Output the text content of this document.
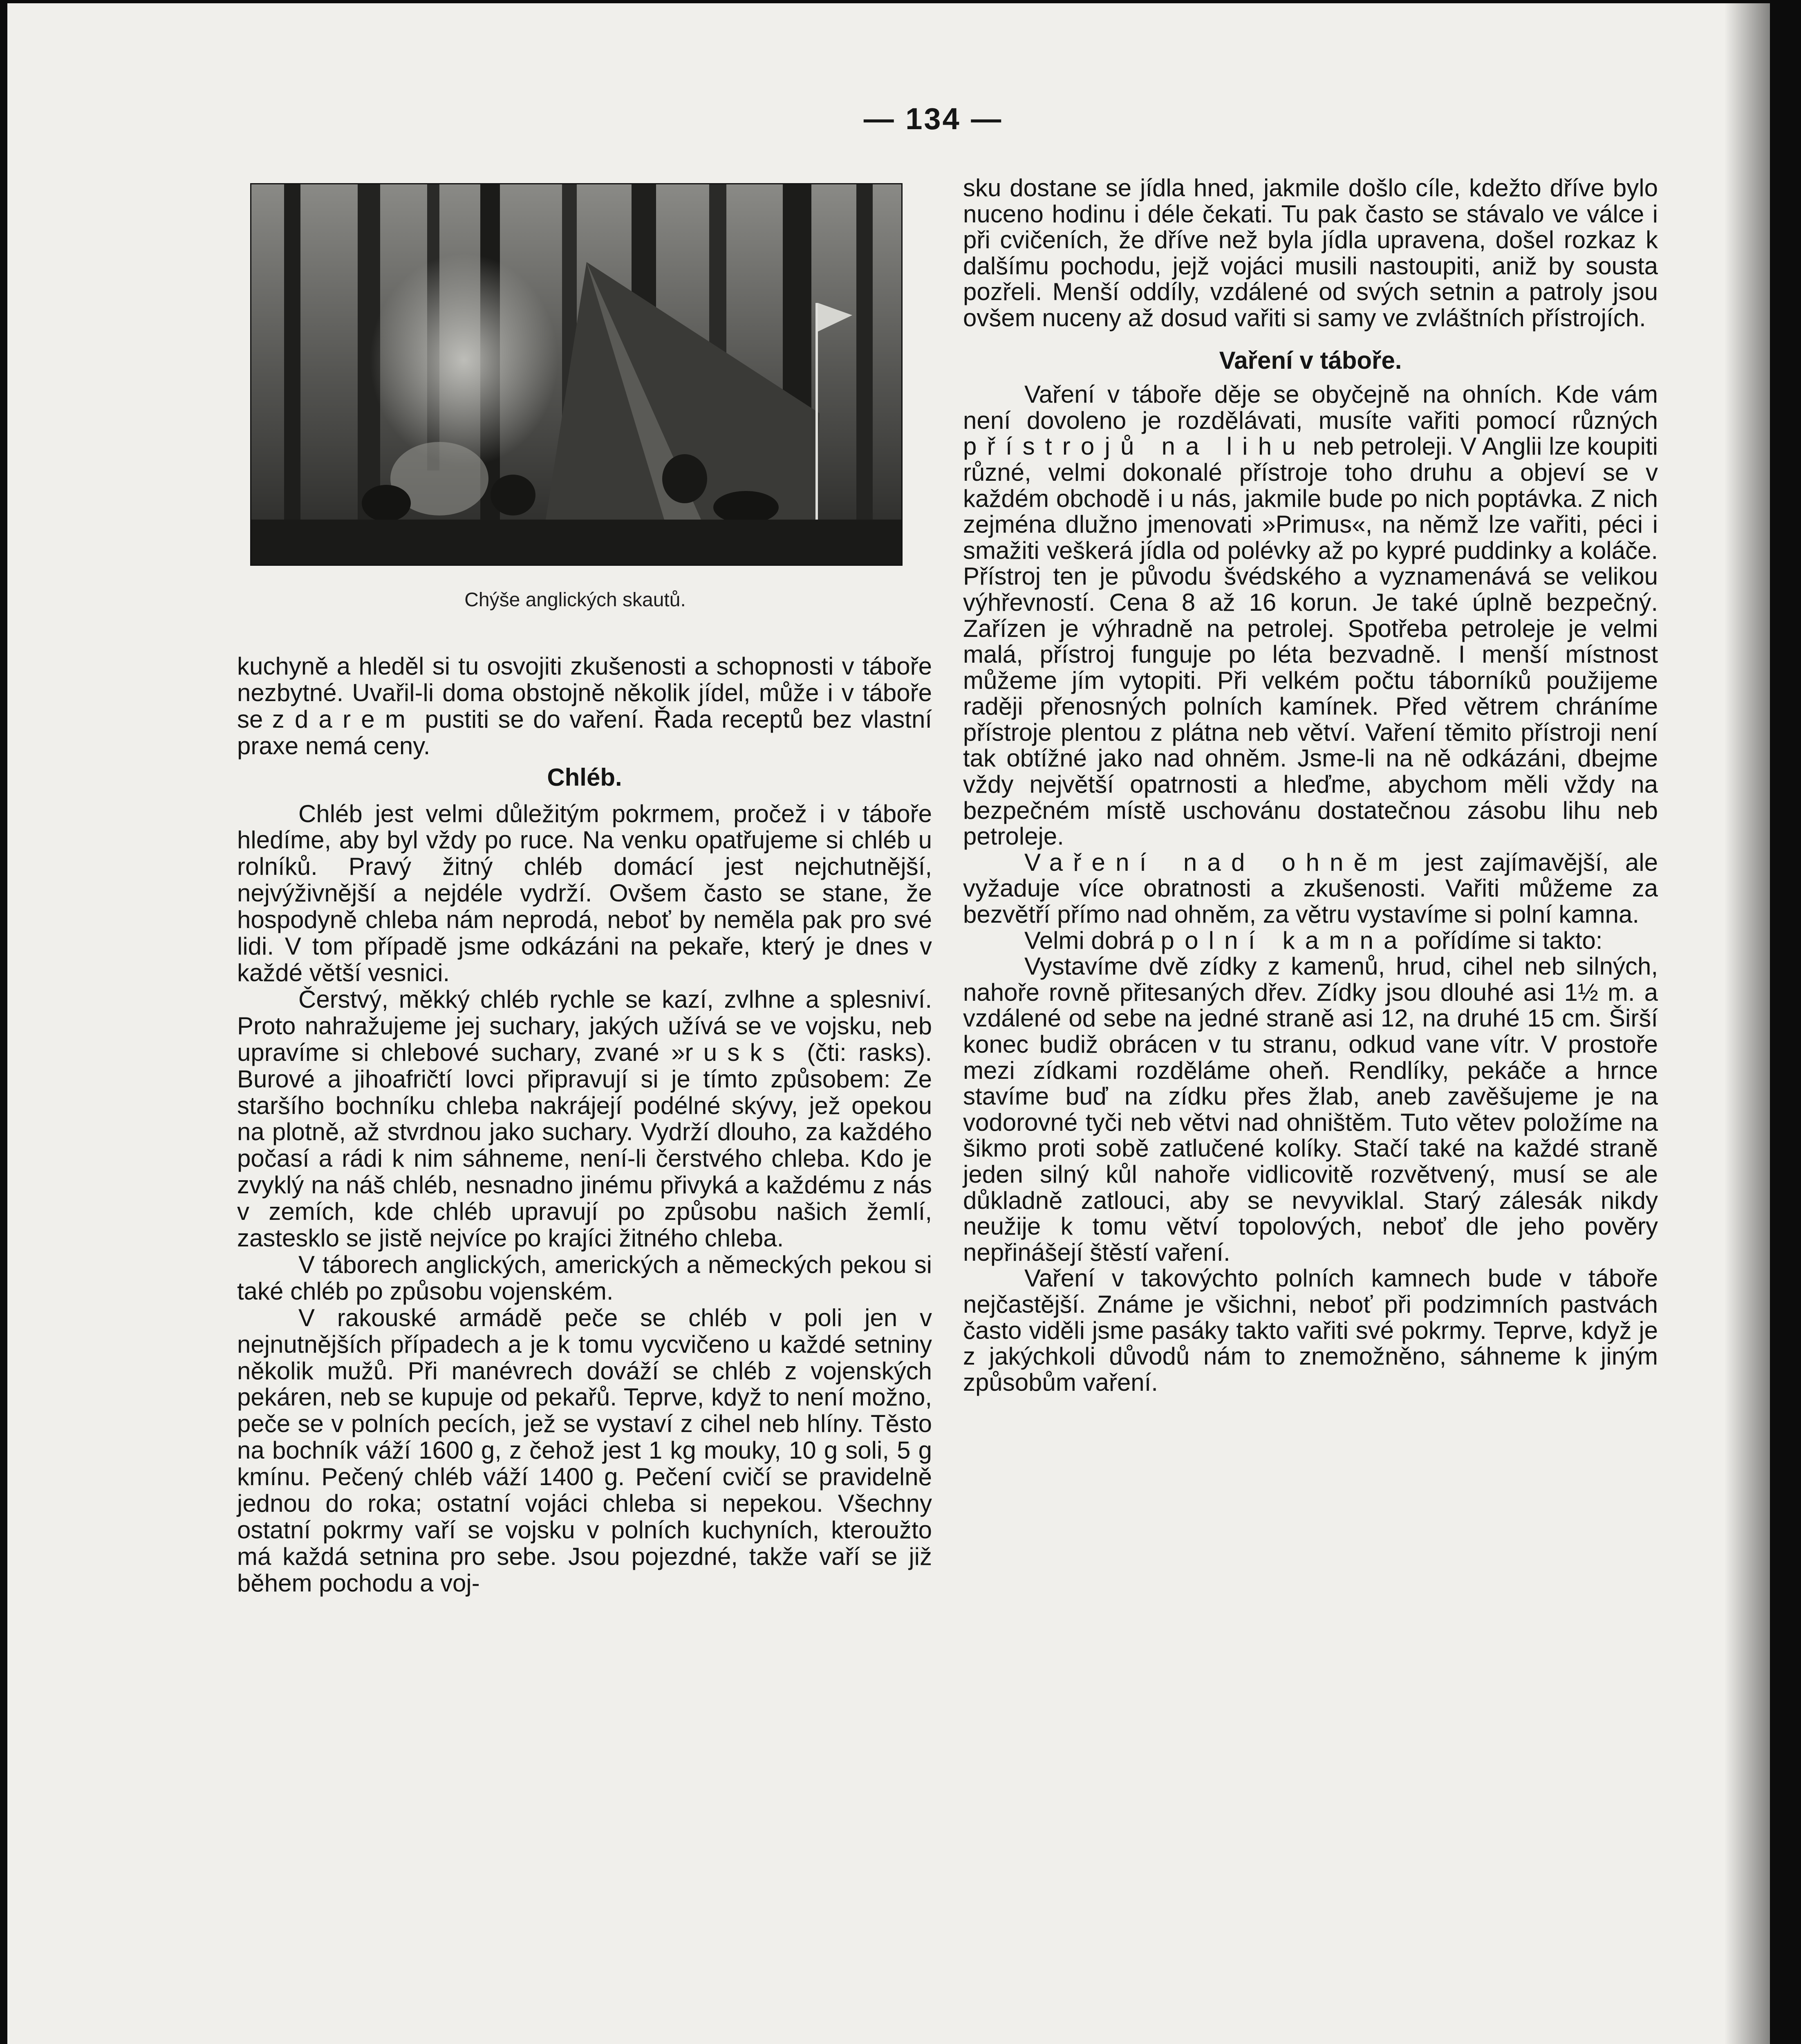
— 134 —
Chýše anglických skautů.

kuchyně a hleděl si tu osvojiti zkušenosti a schopnosti v táboře nezbytné. Uvařil-li doma obstojně několik jídel, může i v táboře se zdarem pustiti se do vaření. Řada receptů bez vlastní praxe nemá ceny.

Chléb.

Chléb jest velmi důležitým pokrmem, pročež i v táboře hledíme, aby byl vždy po ruce. Na venku opatřujeme si chléb u rolníků. Pravý žitný chléb domácí jest nejchutnější, nejvýživnější a nejdéle vydrží. Ovšem často se stane, že hospodyně chleba nám neprodá, neboť by neměla pak pro své lidi. V tom případě jsme odkázáni na pekaře, který je dnes v každé větší vesnici.

Čerstvý, měkký chléb rychle se kazí, zvlhne a splesniví. Proto nahražujeme jej suchary, jakých užívá se ve vojsku, neb upravíme si chlebové suchary, zvané »rusks (čti: rasks). Burové a jihoafričtí lovci připravují si je tímto způsobem: Ze staršího bochníku chleba nakrájejí podélné skývy, jež opekou na plotně, až stvrdnou jako suchary. Vydrží dlouho, za každého počasí a rádi k nim sáhneme, není-li čerstvého chleba. Kdo je zvyklý na náš chléb, nesnadno jinému přivyká a každému z nás v zemích, kde chléb upravují po způsobu našich žemlí, zastesklo se jistě nejvíce po krajíci žitného chleba.

V táborech anglických, amerických a německých pekou si také chléb po způsobu vojenském.

V rakouské armádě peče se chléb v poli jen v nejnutnějších případech a je k tomu vycvičeno u každé setniny několik mužů. Při manévrech dováží se chléb z vojenských pekáren, neb se kupuje od pekařů. Teprve, když to není možno, peče se v polních pecích, jež se vystaví z cihel neb hlíny. Těsto na bochník váží 1600 g, z čehož jest 1 kg mouky, 10 g soli, 5 g kmínu. Pečený chléb váží 1400 g. Pečení cvičí se pravidelně jednou do roka; ostatní vojáci chleba si nepekou. Všechny ostatní pokrmy vaří se vojsku v polních kuchyních, kteroužto má každá setnina pro sebe. Jsou pojezdné, takže vaří se již během pochodu a voj-

sku dostane se jídla hned, jakmile došlo cíle, kdežto dříve bylo nuceno hodinu i déle čekati. Tu pak často se stávalo ve válce i při cvičeních, že dříve než byla jídla upravena, došel rozkaz k dalšímu pochodu, jejž vojáci musili nastoupiti, aniž by sousta pozřeli. Menší oddíly, vzdálené od svých setnin a patroly jsou ovšem nuceny až dosud vařiti si samy ve zvláštních přístrojích.

Vaření v táboře.

Vaření v táboře děje se obyčejně na ohních. Kde vám není dovoleno je rozdělávati, musíte vařiti pomocí různých přístrojů na lihu neb petroleji. V Anglii lze koupiti různé, velmi dokonalé přístroje toho druhu a objeví se v každém obchodě i u nás, jakmile bude po nich poptávka. Z nich zejména dlužno jmenovati »Primus«, na němž lze vařiti, péci i smažiti veškerá jídla od polévky až po kypré puddinky a koláče. Přístroj ten je původu švédského a vyznamenává se velikou výhřevností. Cena 8 až 16 korun. Je také úplně bezpečný. Zařízen je výhradně na petrolej. Spotřeba petroleje je velmi malá, přístroj funguje po léta bezvadně. I menší místnost můžeme jím vytopiti. Při velkém počtu táborníků použijeme raději přenosných polních kamínek. Před větrem chráníme přístroje plentou z plátna neb větví. Vaření těmito přístroji není tak obtížné jako nad ohněm. Jsme-li na ně odkázáni, dbejme vždy největší opatrnosti a hleďme, abychom měli vždy na bezpečném místě uschovánu dostatečnou zásobu lihu neb petroleje.

Vaření nad ohněm jest zajímavější, ale vyžaduje více obratnosti a zkušenosti. Vařiti můžeme za bezvětří přímo nad ohněm, za větru vystavíme si polní kamna.

Velmi dobrá polní kamna pořídíme si takto:

Vystavíme dvě zídky z kamenů, hrud, cihel neb silných, nahoře rovně přitesaných dřev. Zídky jsou dlouhé asi 1½ m. a vzdálené od sebe na jedné straně asi 12, na druhé 15 cm. Širší konec budiž obrácen v tu stranu, odkud vane vítr. V prostoře mezi zídkami rozděláme oheň. Rendlíky, pekáče a hrnce stavíme buď na zídku přes žlab, aneb zavěšujeme je na vodorovné tyči neb větvi nad ohništěm. Tuto větev položíme na šikmo proti sobě zatlučené kolíky. Stačí také na každé straně jeden silný kůl nahoře vidlicovitě rozvětvený, musí se ale důkladně zatlouci, aby se nevyviklal. Starý zálesák nikdy neužije k tomu větví topolových, neboť dle jeho pověry nepřinášejí štěstí vaření.

Vaření v takovýchto polních kamnech bude v táboře nejčastější. Známe je všichni, neboť při podzimních pastvách často viděli jsme pasáky takto vařiti své pokrmy. Teprve, když je z jakýchkoli důvodů nám to znemožněno, sáhneme k jiným způsobům vaření.
